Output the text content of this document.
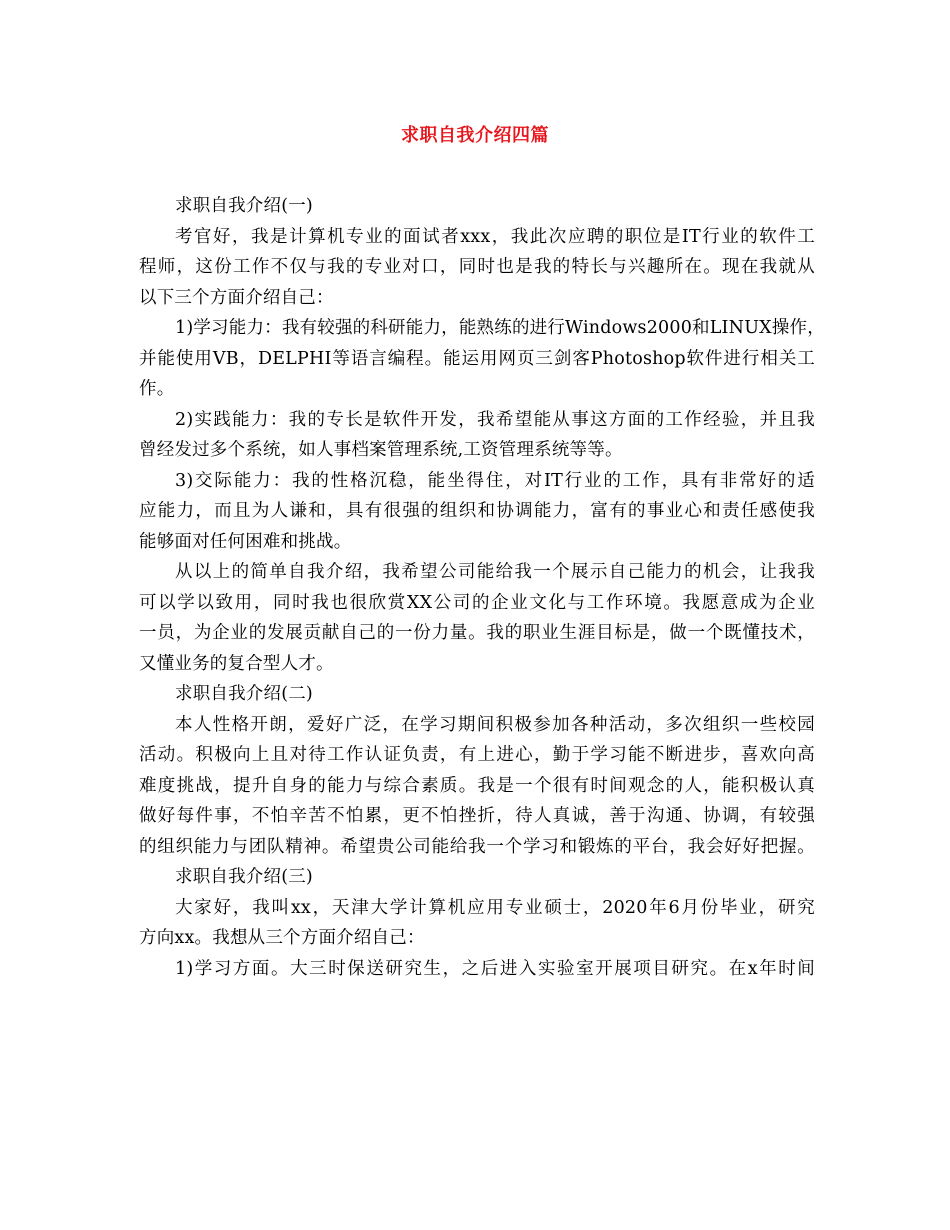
求职自我介绍四篇
求职自我介绍(一)
考官好，我是计算机专业的面试者xxx，我此次应聘的职位是IT行业的软件工
程师，这份工作不仅与我的专业对口，同时也是我的特长与兴趣所在。现在我就从
以下三个方面介绍自己：
1)学习能力：我有较强的科研能力，能熟练的进行Windows2000和LINUX操作，
并能使用VB，DELPHI等语言编程。能运用网页三剑客Photoshop软件进行相关工
作。
2)实践能力：我的专长是软件开发，我希望能从事这方面的工作经验，并且我
曾经发过多个系统，如人事档案管理系统,工资管理系统等等。
3)交际能力：我的性格沉稳，能坐得住，对IT行业的工作，具有非常好的适
应能力，而且为人谦和，具有很强的组织和协调能力，富有的事业心和责任感使我
能够面对任何困难和挑战。
从以上的简单自我介绍，我希望公司能给我一个展示自己能力的机会，让我我
可以学以致用，同时我也很欣赏XX公司的企业文化与工作环境。我愿意成为企业
一员，为企业的发展贡献自己的一份力量。我的职业生涯目标是，做一个既懂技术，
又懂业务的复合型人才。
求职自我介绍(二)
本人性格开朗，爱好广泛，在学习期间积极参加各种活动，多次组织一些校园
活动。积极向上且对待工作认证负责，有上进心，勤于学习能不断进步，喜欢向高
难度挑战，提升自身的能力与综合素质。我是一个很有时间观念的人，能积极认真
做好每件事，不怕辛苦不怕累，更不怕挫折，待人真诚，善于沟通、协调，有较强
的组织能力与团队精神。希望贵公司能给我一个学习和锻炼的平台，我会好好把握。
求职自我介绍(三)
大家好，我叫xx，天津大学计算机应用专业硕士，2020年6月份毕业，研究
方向xx。我想从三个方面介绍自己：
1)学习方面。大三时保送研究生，之后进入实验室开展项目研究。在x年时间
